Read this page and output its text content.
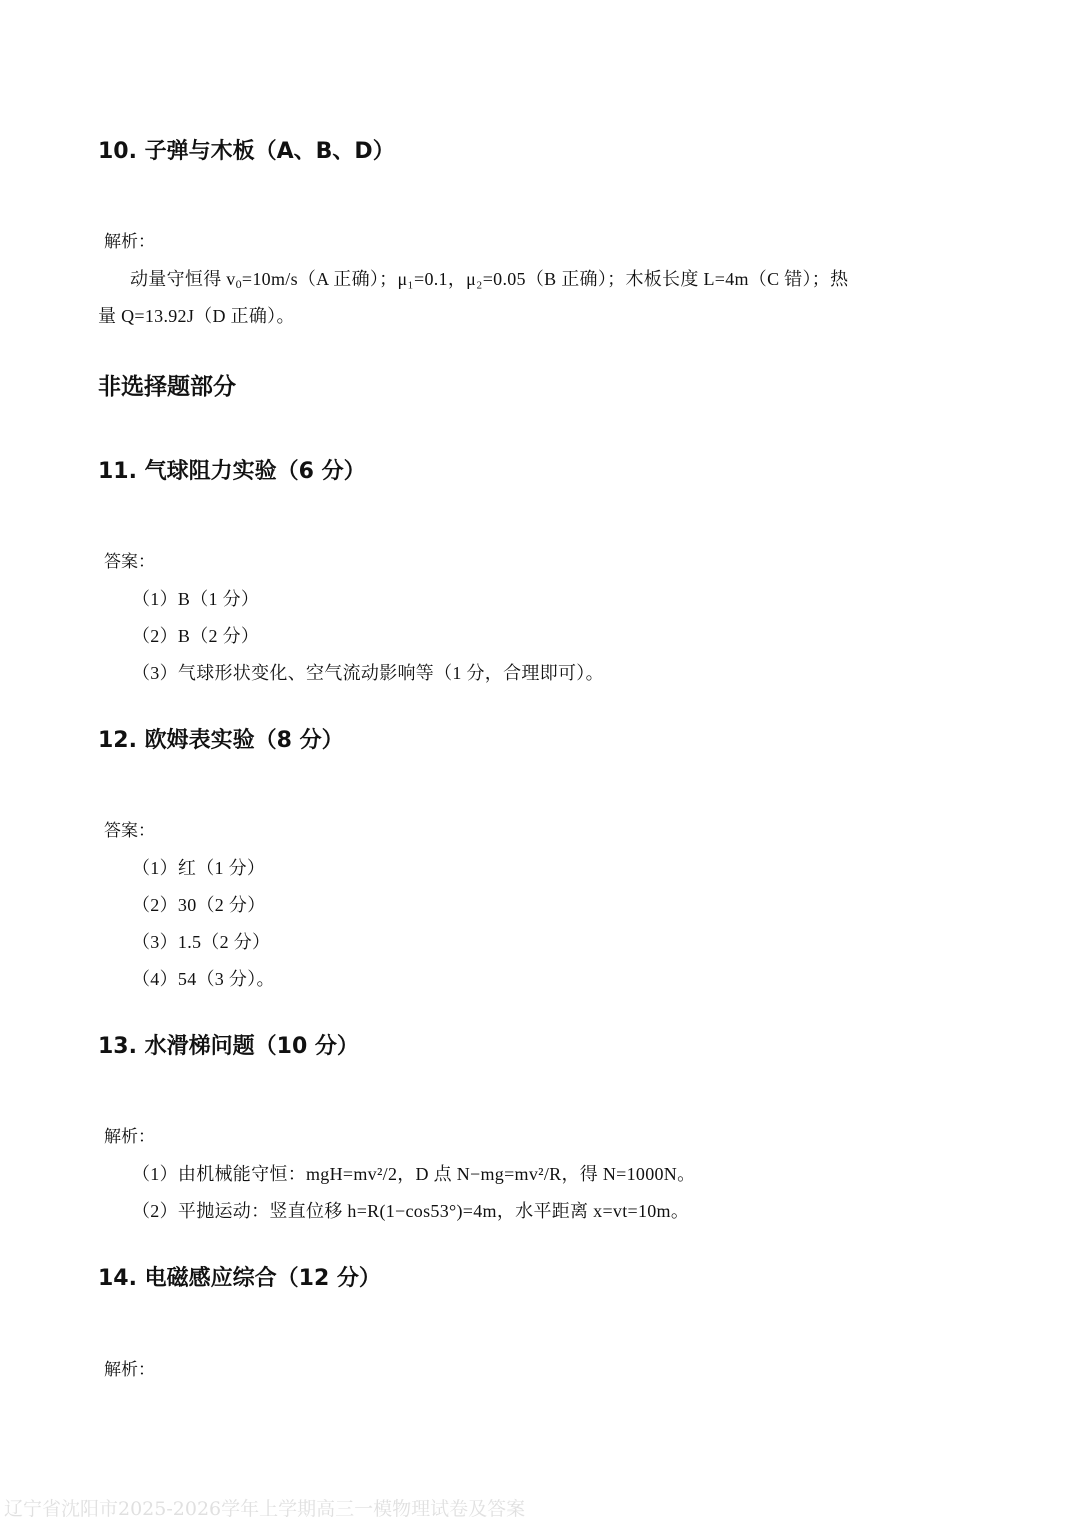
10. 子弹与木板（A、B、D）
解析：
动量守恒得 $v_0=10m/s(A$ 正确）；μ₁=0.1，μ₂=0.05（B 正确）；木板长度 L=4m（C 错）；热
量 Q=13.92J（D 正确）。
非选择题部分
11. 气球阻力实验（6 分）
答案：
（1）B（1 分）
（2）B（2 分）
（3）气球形状变化、空气流动影响等（1 分，合理即可）。
12. 欧姆表实验（8 分）
答案：
（1）红（1 分）
（2）30（2 分）
（3）1.5（2 分）
（4）54（3 分）。
13. 水滑梯问题（10 分）
解析：
（1）由机械能守恒：mgH=mv²/2，D 点 N−mg=mv²/R，得 N=1000N。
（2）平抛运动：竖直位移 h=R(1−cos53°)=4m，水平距离 x=vt=10m。
14. 电磁感应综合（12 分）
解析：
辽宁省沈阳市2025-2026学年上学期高三一模物理试卷及答案
